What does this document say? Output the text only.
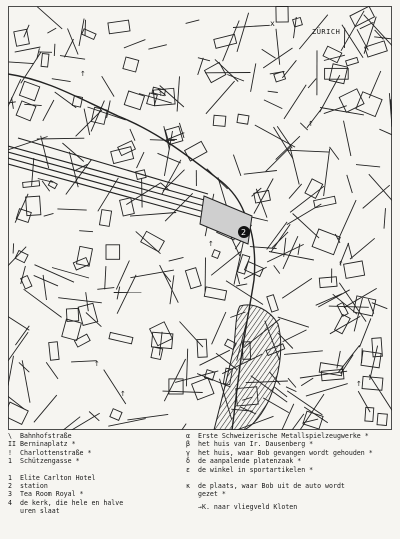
2
x
↑
↑
↑
↑
↑
↑
↑
↑
ZÜRICH
\	Bahnhofstraße
II Berninaplatz *
!	Charlottenstraße *
1	Schützengasse *
1	Elite Carlton Hotel
2	station
3	Tea Room Royal *
4	de kerk, die hele en halve
uren slaat
α	Erste Schweizerische Metallspielzeugwerke *
β	het huis van Ir. Dausenberg *
γ	het huis, waar Bob gevangen wordt gehouden *
δ	de aanpalende platenzaak *
ε	de winkel in sportartikelen *
κ	de plaats, waar Bob uit de auto wordt
gezet *
→K. naar vliegveld Kloten
